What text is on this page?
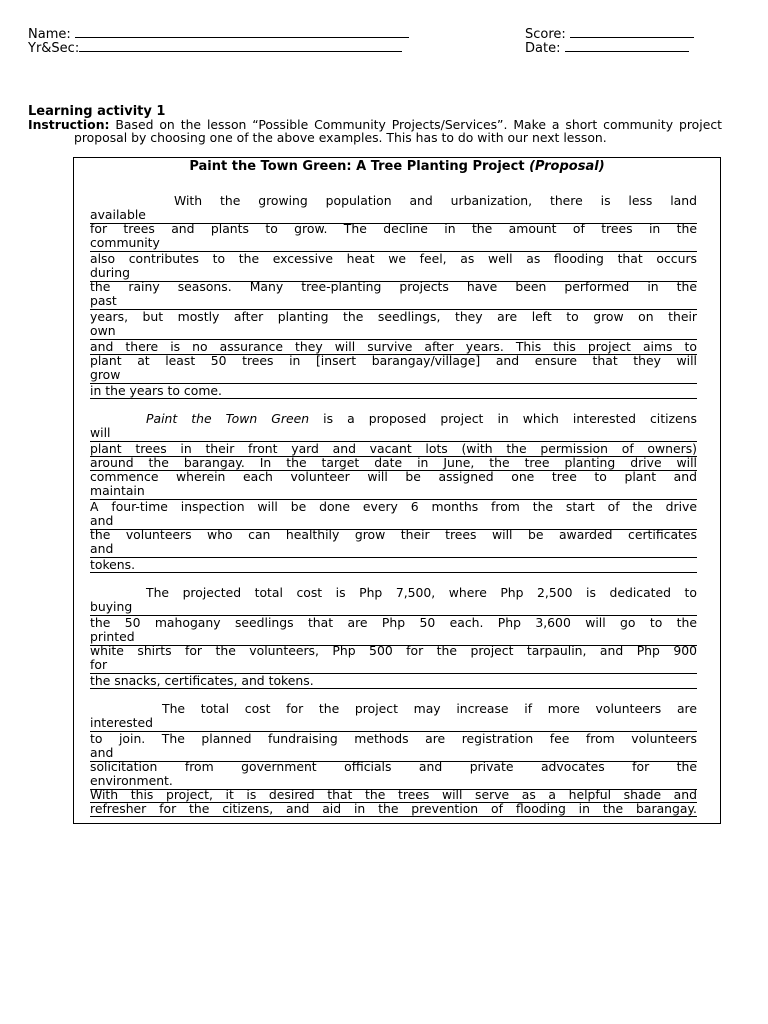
Name:
Yr&Sec:
Score:
Date:
Learning activity 1

Instruction: Based on the lesson “Possible Community Projects/Services”. Make a short community project proposal by choosing one of the above examples. This has to do with our next lesson.

Paint the Town Green: A Tree Planting Project (Proposal)
With the growing population and urbanization, there is less land
available
for trees and plants to grow. The decline in the amount of trees in the
community
also contributes to the excessive heat we feel, as well as flooding that occurs
during
the rainy seasons. Many tree-planting projects have been performed in the
past
years, but mostly after planting the seedlings, they are left to grow on their
own
and there is no assurance they will survive after years. This this project aims to
plant at least 50 trees in [insert barangay/village] and ensure that they will
grow
in the years to come.
Paint the Town Green is a proposed project in which interested citizens
will
plant trees in their front yard and vacant lots (with the permission of owners)
around the barangay. In the target date in June, the tree planting drive will
commence wherein each volunteer will be assigned one tree to plant and
maintain
A four-time inspection will be done every 6 months from the start of the drive
and
the volunteers who can healthily grow their trees will be awarded certificates
and
tokens.
The projected total cost is Php 7,500, where Php 2,500 is dedicated to
buying
the 50 mahogany seedlings that are Php 50 each. Php 3,600 will go to the
printed
white shirts for the volunteers, Php 500 for the project tarpaulin, and Php 900
for
the snacks, certificates, and tokens.
The total cost for the project may increase if more volunteers are
interested
to join. The planned fundraising methods are registration fee from volunteers
and
solicitation from government officials and private advocates for the
environment.
With this project, it is desired that the trees will serve as a helpful shade and
refresher for the citizens, and aid in the prevention of flooding in the barangay.
